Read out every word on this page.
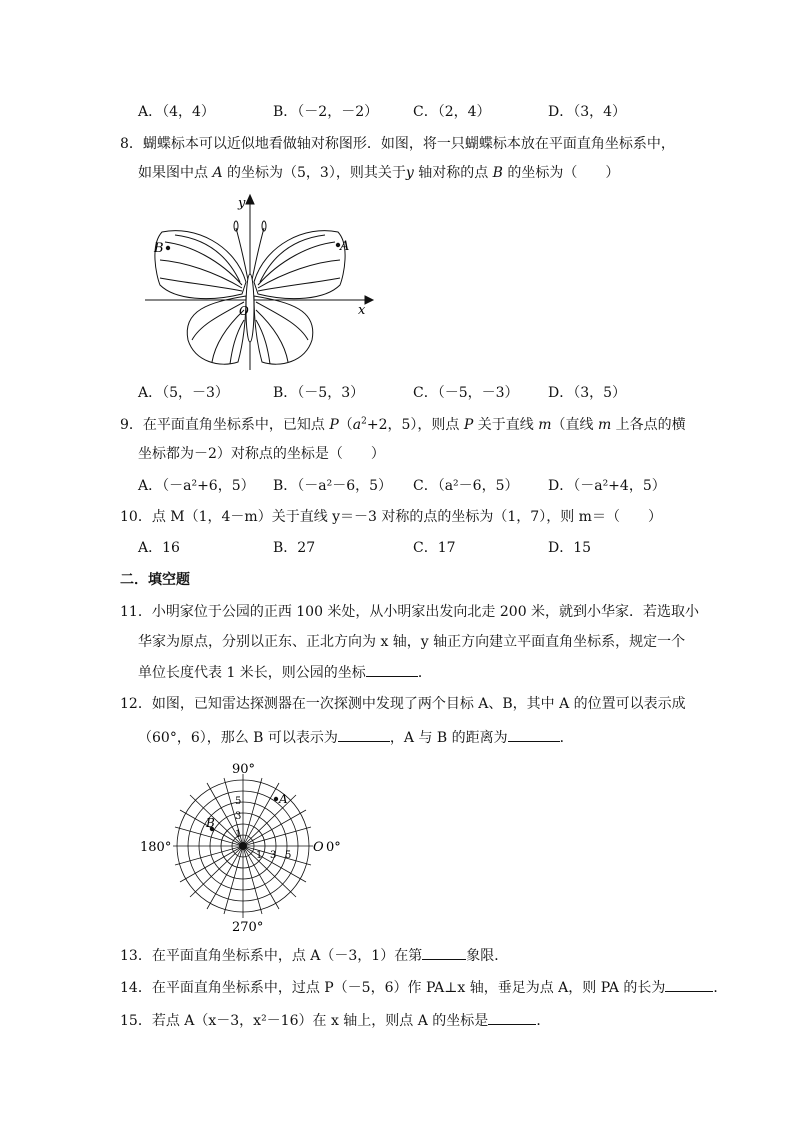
A．（4，4）	B．（－2，－2） C．（2，4）	D．（3，4）
8．蝴蝶标本可以近似地看做轴对称图形．如图，将一只蝴蝶标本放在平面直角坐标系中，
如果图中点 A 的坐标为（5，3），则其关于y 轴对称的点 B 的坐标为（　　）
y
x
O
A
B
A．（5，－3）	B．（－5，3）	C．（－5，－3） D．（3，5）
9．在平面直角坐标系中，已知点 $P(a^2+2$，5），则点 P 关于直线 m（直线 m 上各点的横
坐标都为－2）对称点的坐标是（　　）
A．（－a²+6，5） B．（－a²－6，5） C．（a²－6，5） D．（－a²+4，5）
10．点 M（1，4－m）关于直线 y＝－3 对称的点的坐标为（1，7），则 m＝（　　）
A．16	B．27	C．17	D．15
二．填空题
11．小明家位于公园的正西 100 米处，从小明家出发向北走 200 米，就到小华家．若选取小
华家为原点，分别以正东、正北方向为 x 轴，y 轴正方向建立平面直角坐标系，规定一个
单位长度代表 1 米长，则公园的坐标	．
12．如图，已知雷达探测器在一次探测中发现了两个目标 A、B，其中 A 的位置可以表示成
（60°，6），那么 B 可以表示为	，A 与 B 的距离为	．
90°
180°
270°
0°
O
A
B
1
3
5
1 3 5
13．在平面直角坐标系中，点 A（－3，1）在第	象限．
14．在平面直角坐标系中，过点 P（－5，6）作 PA⊥x 轴，垂足为点 A，则 PA 的长为	．
15．若点 A（x－3，x²－16）在 x 轴上，则点 A 的坐标是	．
